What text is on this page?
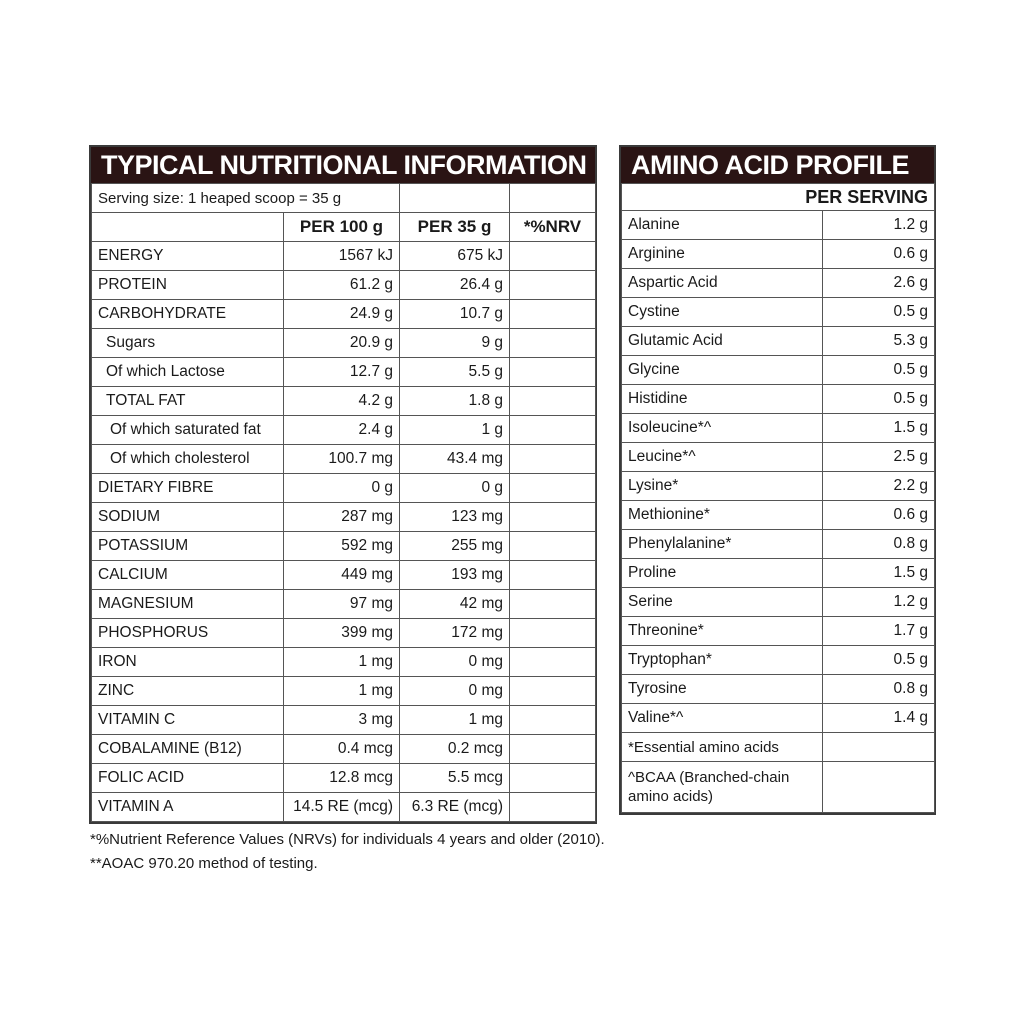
TYPICAL NUTRITIONAL INFORMATION
Serving size: 1 heaped scoop = 35 g			
	PER 100 g	PER 35 g	*%NRV
ENERGY	1567 kJ	675 kJ	
PROTEIN	61.2 g	26.4 g	
CARBOHYDRATE	24.9 g	10.7 g	
Sugars	20.9 g	9 g	
Of which Lactose	12.7 g	5.5 g	
TOTAL FAT	4.2 g	1.8 g	
Of which saturated fat	2.4 g	1 g	
Of which cholesterol	100.7 mg	43.4 mg	
DIETARY FIBRE	0 g	0 g	
SODIUM	287 mg	123 mg	
POTASSIUM	592 mg	255 mg	
CALCIUM	449 mg	193 mg	
MAGNESIUM	97 mg	42 mg	
PHOSPHORUS	399 mg	172 mg	
IRON	1 mg	0 mg	
ZINC	1 mg	0 mg	
VITAMIN C	3 mg	1 mg	
COBALAMINE (B12)	0.4 mcg	0.2 mcg	
FOLIC ACID	12.8 mcg	5.5 mcg	
VITAMIN A	14.5 RE (mcg)	6.3 RE (mcg)	
AMINO ACID PROFILE
PER SERVING	
Alanine	1.2 g
Arginine	0.6 g
Aspartic Acid	2.6 g
Cystine	0.5 g
Glutamic Acid	5.3 g
Glycine	0.5 g
Histidine	0.5 g
Isoleucine*^	1.5 g
Leucine*^	2.5 g
Lysine*	2.2 g
Methionine*	0.6 g
Phenylalanine*	0.8 g
Proline	1.5 g
Serine	1.2 g
Threonine*	1.7 g
Tryptophan*	0.5 g
Tyrosine	0.8 g
Valine*^	1.4 g
*Essential amino acids	
^BCAA (Branched-chain amino acids)	
*%Nutrient Reference Values (NRVs) for individuals 4 years and older (2010).
**AOAC 970.20 method of testing.
